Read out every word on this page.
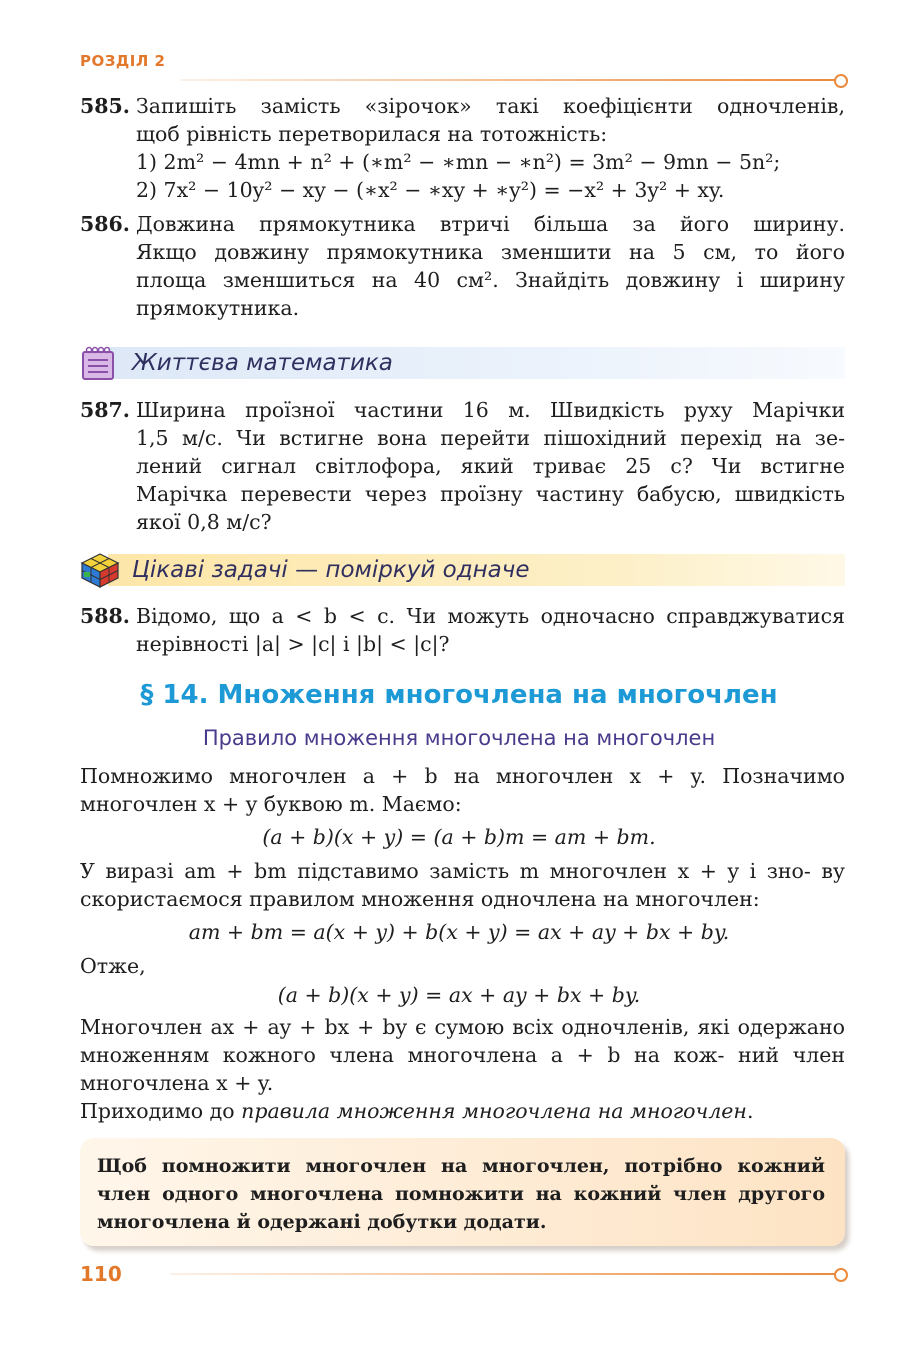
РОЗДІЛ 2
585. Запишіть замість «зірочок» такі коефіцієнти одночленів,
щоб рівність перетворилася на тотожність:
1) 2m² − 4mn + n² + (∗m² − ∗mn − ∗n²) = 3m² − 9mn − 5n²;
2) 7x² − 10y² − xy − (∗x² − ∗xy + ∗y²) = −x² + 3y² + xy.
586. Довжина прямокутника втричі більша за його ширину.
Якщо довжину прямокутника зменшити на 5 см, то його
площа зменшиться на 40 см². Знайдіть довжину і ширину
прямокутника.
Життєва математика
587. Ширина проїзної частини 16 м. Швидкість руху Марічки
1,5 м/с. Чи встигне вона перейти пішохідний перехід на зе-
лений сигнал світлофора, який триває 25 с? Чи встигне
Марічка перевести через проїзну частину бабусю, швидкість
якої 0,8 м/с?
Цікаві задачі — поміркуй одначе
588. Відомо, що a < b < c. Чи можуть одночасно справджуватися
нерівності |a| > |c| і |b| < |c|?
§ 14. Множення многочлена на многочлен
Правило множення многочлена на многочлен
Помножимо многочлен a + b на многочлен x + y. Позначимо многочлен x + y буквою m. Маємо:
(a + b)(x + y) = (a + b)m = am + bm.
У виразі am + bm підставимо замість m многочлен x + y і зно- ву скористаємося правилом множення одночлена на многочлен:
am + bm = a(x + y) + b(x + y) = ax + ay + bx + by.
Отже,
(a + b)(x + y) = ax + ay + bx + by.
Многочлен ax + ay + bx + by є сумою всіх одночленів, які одержано множенням кожного члена многочлена a + b на кож- ний член многочлена x + y.
Приходимо до правила множення многочлена на многочлен.
Щоб помножити многочлен на многочлен, потрібно кожний член одного многочлена помножити на кожний член другого многочлена й одержані добутки додати.
110
